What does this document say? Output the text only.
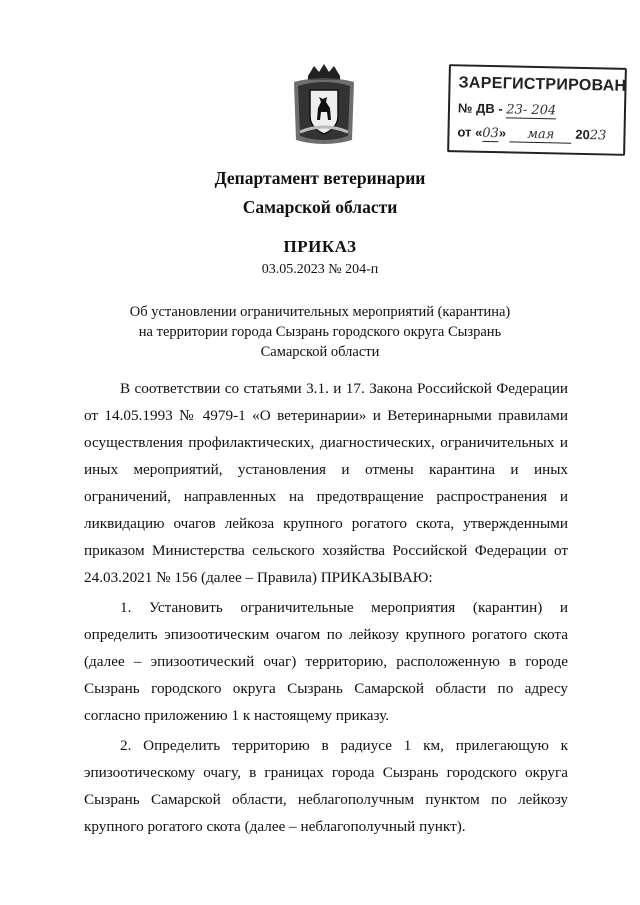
ЗАРЕГИСТРИРОВАН
№ ДВ - 23- 204
от «03» мая 2023
Департамент ветеринарии
Самарской области
ПРИКАЗ
03.05.2023 № 204-п
Об установлении ограничительных мероприятий (карантина)
на территории города Сызрань городского округа Сызрань
Самарской области

В соответствии со статьями 3.1. и 17. Закона Российской Федерации от 14.05.1993 № 4979-1 «О ветеринарии» и Ветеринарными правилами осуществления профилактических, диагностических, ограничительных и иных мероприятий, установления и отмены карантина и иных ограничений, направленных на предотвращение распространения и ликвидацию очагов лейкоза крупного рогатого скота, утвержденными приказом Министерства сельского хозяйства Российской Федерации от 24.03.2021 № 156 (далее – Правила) ПРИКАЗЫВАЮ:

1. Установить ограничительные мероприятия (карантин) и определить эпизоотическим очагом по лейкозу крупного рогатого скота (далее – эпизоотический очаг) территорию, расположенную в городе Сызрань городского округа Сызрань Самарской области по адресу согласно приложению 1 к настоящему приказу.

2. Определить территорию в радиусе 1 км, прилегающую к эпизоотическому очагу, в границах города Сызрань городского округа Сызрань Самарской области, неблагополучным пунктом по лейкозу крупного рогатого скота (далее – неблагополучный пункт).
